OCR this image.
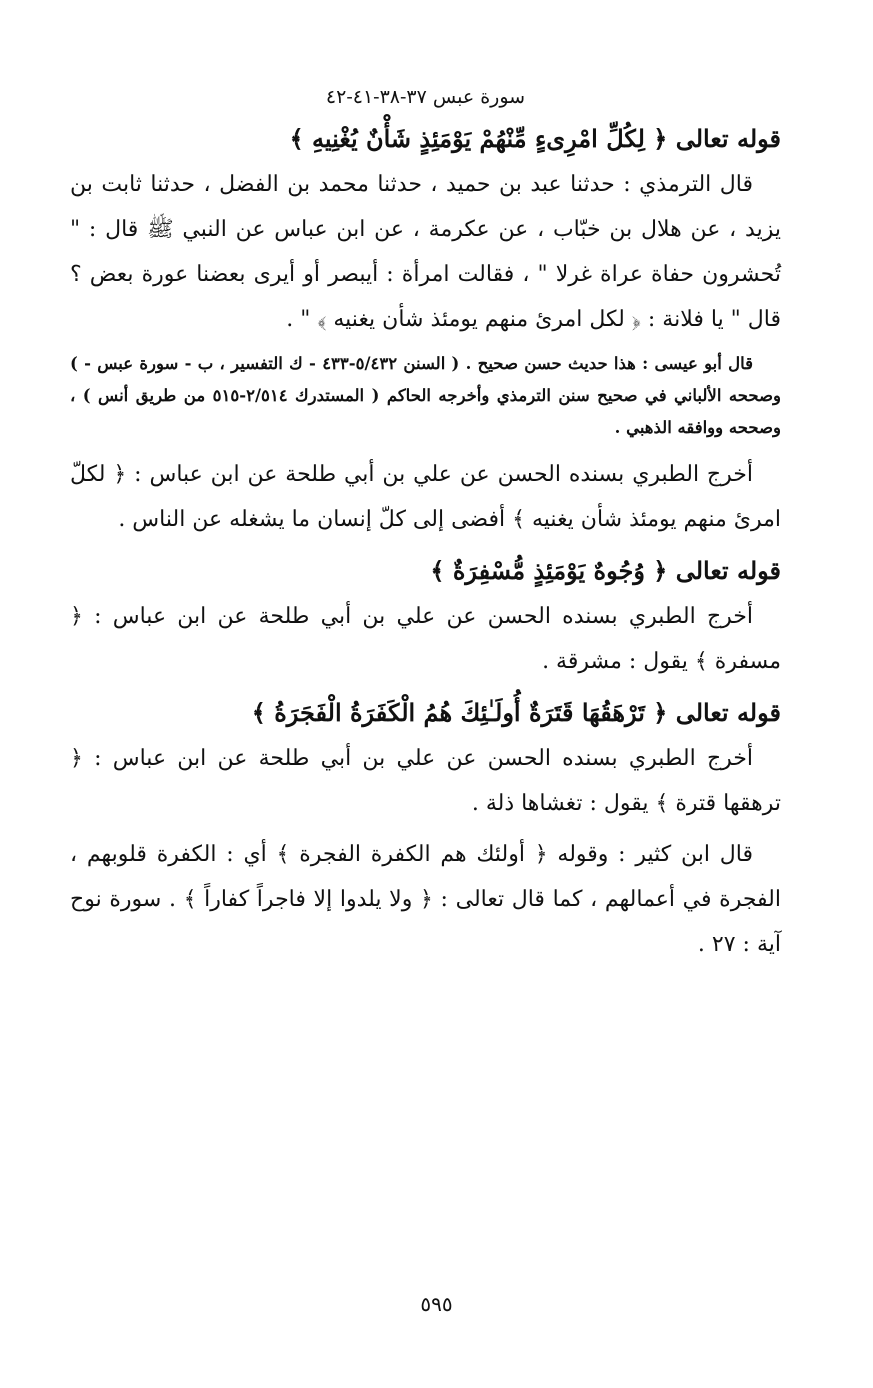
سورة عبس ٣٧-٣٨-٤١-٤٢

قوله تعالى ﴿ لِكُلِّ امْرِىءٍ مِّنْهُمْ يَوْمَئِذٍ شَأْنٌ يُغْنِيهِ ﴾

قال الترمذي : حدثنا عبد بن حميد ، حدثنا محمد بن الفضل ، حدثنا ثابت بن يزيد ، عن هلال بن خبّاب ، عن عكرمة ، عن ابن عباس عن النبي ﷺ قال : " تُحشرون حفاة عراة غرلا " ، فقالت امرأة : أيبصر أو أيرى بعضنا عورة بعض ؟ قال " يا فلانة : ﴿ لكل امرئ منهم يومئذ شأن يغنيه ﴾ " .

قال أبو عيسى : هذا حديث حسن صحيح . ( السنن ٥/٤٣٢-٤٣٣ - ك التفسير ، ب - سورة عبس - ) وصححه الألباني في صحيح سنن الترمذي وأخرجه الحاكم ( المستدرك ٢/٥١٤-٥١٥ من طريق أنس ) ، وصححه ووافقه الذهبي .

أخرج الطبري بسنده الحسن عن علي بن أبي طلحة عن ابن عباس : ﴿ لكلّ امرئ منهم يومئذ شأن يغنيه ﴾ أفضى إلى كلّ إنسان ما يشغله عن الناس .

قوله تعالى ﴿ وُجُوهٌ يَوْمَئِذٍ مُّسْفِرَةٌ ﴾

أخرج الطبري بسنده الحسن عن علي بن أبي طلحة عن ابن عباس : ﴿ مسفرة ﴾ يقول : مشرقة .

قوله تعالى ﴿ تَرْهَقُهَا قَتَرَةٌ أُولَـٰئِكَ هُمُ الْكَفَرَةُ الْفَجَرَةُ ﴾

أخرج الطبري بسنده الحسن عن علي بن أبي طلحة عن ابن عباس : ﴿ ترهقها قترة ﴾ يقول : تغشاها ذلة .

قال ابن كثير : وقوله ﴿ أولئك هم الكفرة الفجرة ﴾ أي : الكفرة قلوبهم ، الفجرة في أعمالهم ، كما قال تعالى : ﴿ ولا يلدوا إلا فاجراً كفاراً ﴾ . سورة نوح آية : ٢٧ .

٥٩٥
